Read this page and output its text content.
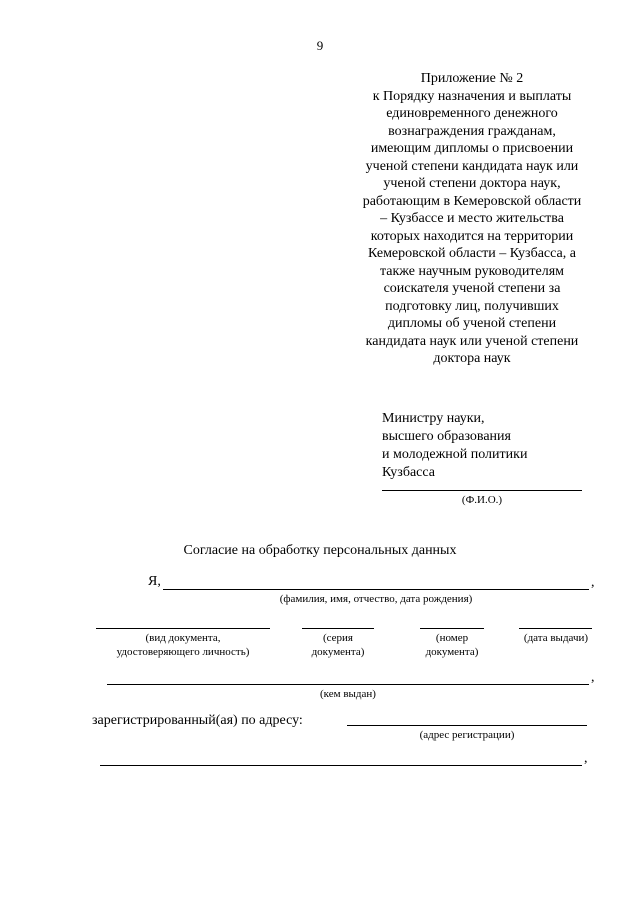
9
Приложение № 2
к Порядку назначения и выплаты
единовременного денежного
вознаграждения гражданам,
имеющим дипломы о присвоении
ученой степени кандидата наук или
ученой степени доктора наук,
работающим в Кемеровской области
– Кузбассе и место жительства
которых находится на территории
Кемеровской области – Кузбасса, а
также научным руководителям
соискателя ученой степени за
подготовку лиц, получивших
дипломы об ученой степени
кандидата наук или ученой степени
доктора наук
Министру науки,
высшего образования
и молодежной политики
Кузбасса
(Ф.И.О.)
Согласие на обработку персональных данных
Я,	,
(фамилия, имя, отчество, дата рождения)
(вид документа,
удостоверяющего личность)
(серия
документа)
(номер
документа)
(дата выдачи)
,
(кем выдан)
зарегистрированный(ая) по адресу:
(адрес регистрации)
,
